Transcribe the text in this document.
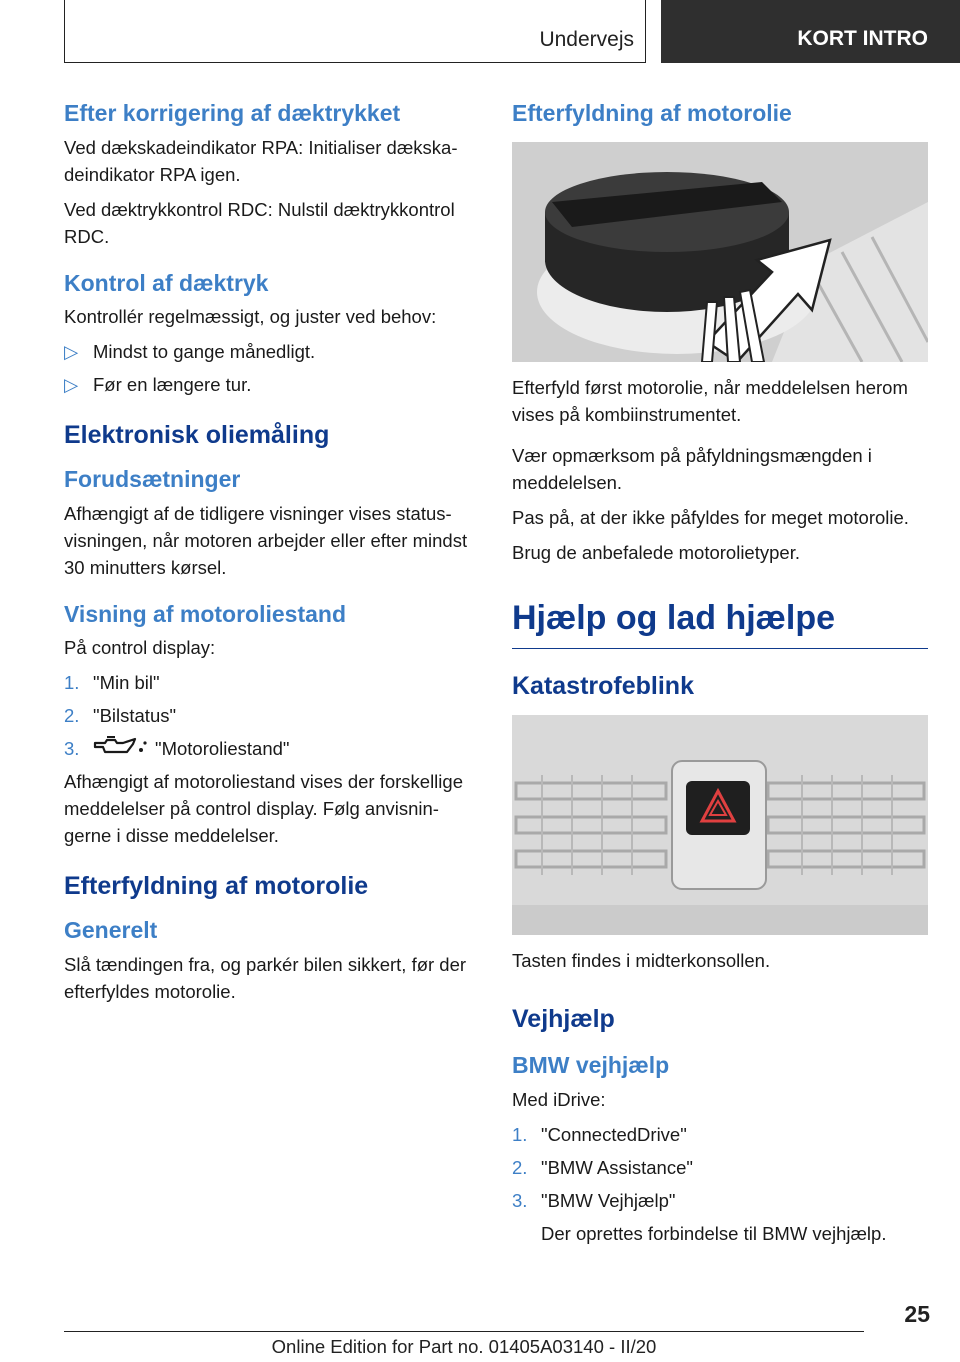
Undervejs	KORT INTRO
Efter korrigering af dæktrykket

Ved dækskadeindikator RPA: Initialiser dækska-deindikator RPA igen.

Ved dæktrykkontrol RDC: Nulstil dæktrykkontrol RDC.

Kontrol af dæktryk

Kontrollér regelmæssigt, og juster ved behov:

▷ Mindst to gange månedligt.
▷ Før en længere tur.
Elektronisk oliemåling
Forudsætninger

Afhængigt af de tidligere visninger vises status-visningen, når motoren arbejder eller efter mindst 30 minutters kørsel.

Visning af motoroliestand

På control display:

1. "Min bil"
2. "Bilstatus"
3.	"Motoroliestand"

Afhængigt af motoroliestand vises der forskellige meddelelser på control display. Følg anvisnin-gerne i disse meddelelser.

Efterfyldning af motorolie
Generelt

Slå tændingen fra, og parkér bilen sikkert, før der efterfyldes motorolie.

Efterfyldning af motorolie

Efterfyld først motorolie, når meddelelsen herom vises på kombiinstrumentet.

Vær opmærksom på påfyldningsmængden i meddelelsen.

Pas på, at der ikke påfyldes for meget motorolie.

Brug de anbefalede motorolietyper.

Hjælp og lad hjælpe
Katastrofeblink

Tasten findes i midterkonsollen.

Vejhjælp
BMW vejhjælp

Med iDrive:

1. "ConnectedDrive"
2. "BMW Assistance"
3. "BMW Vejhjælp"

Der oprettes forbindelse til BMW vejhjælp.

25
Online Edition for Part no. 01405A03140 - II/20
